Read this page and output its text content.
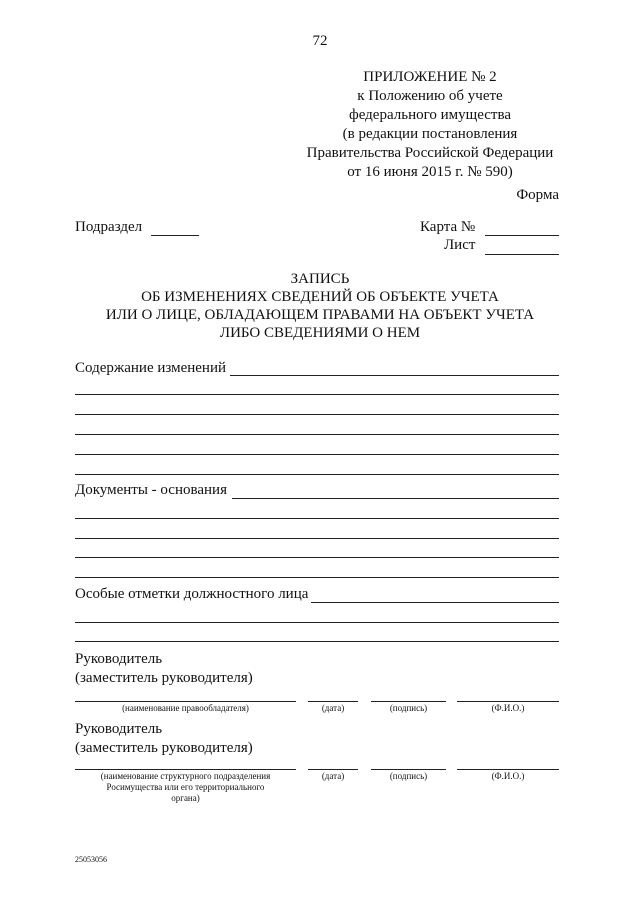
72
ПРИЛОЖЕНИЕ № 2
к Положению об учете
федерального имущества
(в редакции постановления
Правительства Российской Федерации
от 16 июня 2015 г. № 590)
Форма
Подраздел	Карта №
Лист
ЗАПИСЬ
ОБ ИЗМЕНЕНИЯХ СВЕДЕНИЙ ОБ ОБЪЕКТЕ УЧЕТА
ИЛИ О ЛИЦЕ, ОБЛАДАЮЩЕМ ПРАВАМИ НА ОБЪЕКТ УЧЕТА
ЛИБО СВЕДЕНИЯМИ О НЕМ
Содержание изменений
Документы - основания
Особые отметки должностного лица
Руководитель
(заместитель руководителя)
(наименование правообладателя)	(дата)	(подпись)	(Ф.И.О.)
Руководитель
(заместитель руководителя)
(наименование структурного подразделения
Росимущества или его территориального
органа)
(дата)	(подпись)	(Ф.И.О.)
25053056
